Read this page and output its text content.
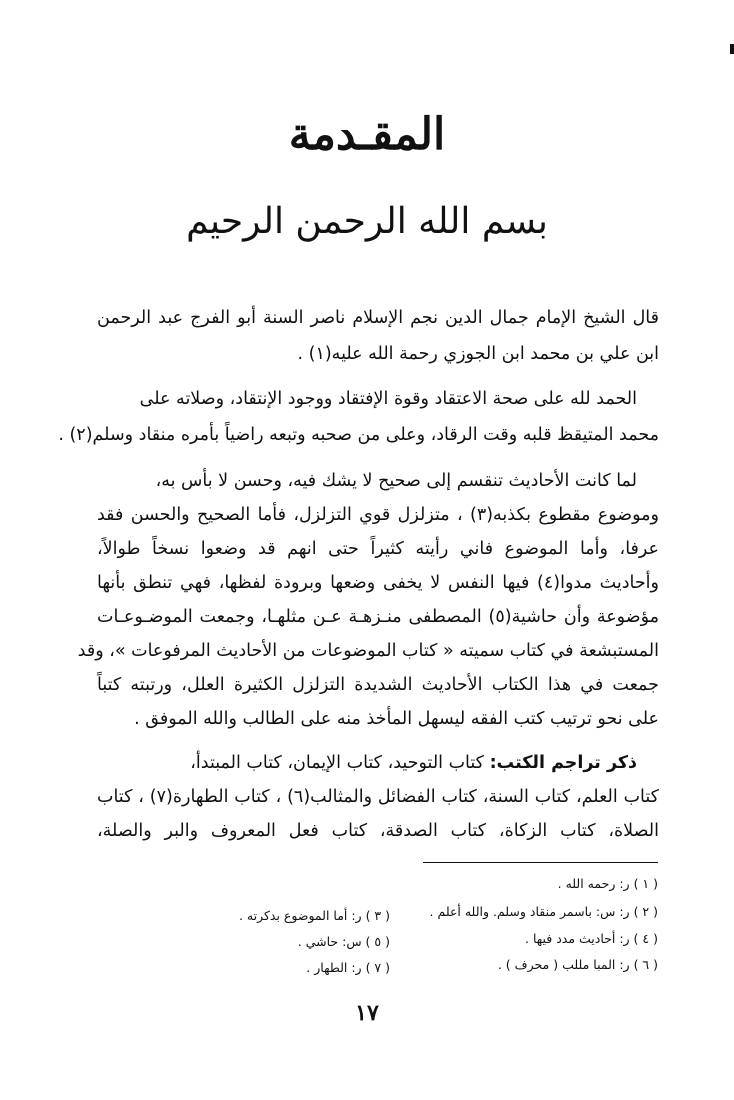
المقـدمة
بسم الله الرحمن الرحيم
قال الشيخ الإمام جمال الدين نجم الإسلام ناصر السنة أبو الفرج عبد الرحمن
ابن علي بن محمد ابن الجوزي رحمة الله عليه(١) .
الحمد لله على صحة الاعتقاد وقوة الإفتقاد ووجود الإنتقاد، وصلاته على
محمد المتيقظ قلبه وقت الرقاد، وعلى من صحبه وتبعه راضياً بأمره منقاد وسلم(٢) .
لما كانت الأحاديث تنقسم إلى صحيح لا يشك فيه، وحسن لا بأس به،
وموضوع مقطوع بكذبه(٣) ، متزلزل قوي التزلزل، فأما الصحيح والحسن فقد
عرفا، وأما الموضوع فاني رأيته كثيراً حتى انهم قد وضعوا نسخاً طوالاً،
وأحاديث مدوا(٤) فيها النفس لا يخفى وضعها وبرودة لفظها، فهي تنطق بأنها
مؤضوعة وأن حاشية(٥) المصطفى منـزهـة عـن مثلهـا، وجمعت الموضـوعـات
المستبشعة في كتاب سميته « كتاب الموضوعات من الأحاديث المرفوعات »، وقد
جمعت في هذا الكتاب الأحاديث الشديدة التزلزل الكثيرة العلل، ورتبته كتباً
على نحو ترتيب كتب الفقه ليسهل المأخذ منه على الطالب والله الموفق .
ذكر تراجم الكتب: كتاب التوحيد، كتاب الإيمان، كتاب المبتدأ،
كتاب العلم، كتاب السنة، كتاب الفضائل والمثالب(٦) ، كتاب الطهارة(٧) ، كتاب
الصلاة، كتاب الزكاة، كتاب الصدقة، كتاب فعل المعروف والبر والصلة،
( ١ ) ر: رحمه الله .
( ٢ ) ر: س: باسمر منقاد وسلم. والله أعلم .
( ٣ ) ر: أما الموضوع بدكرته .
( ٤ ) ر: أحاديث مدد فيها .
( ٥ ) س: حاشي .
( ٦ ) ر: المبا مللب ( محرف ) .
( ٧ ) ر: الطهار .
١٧
